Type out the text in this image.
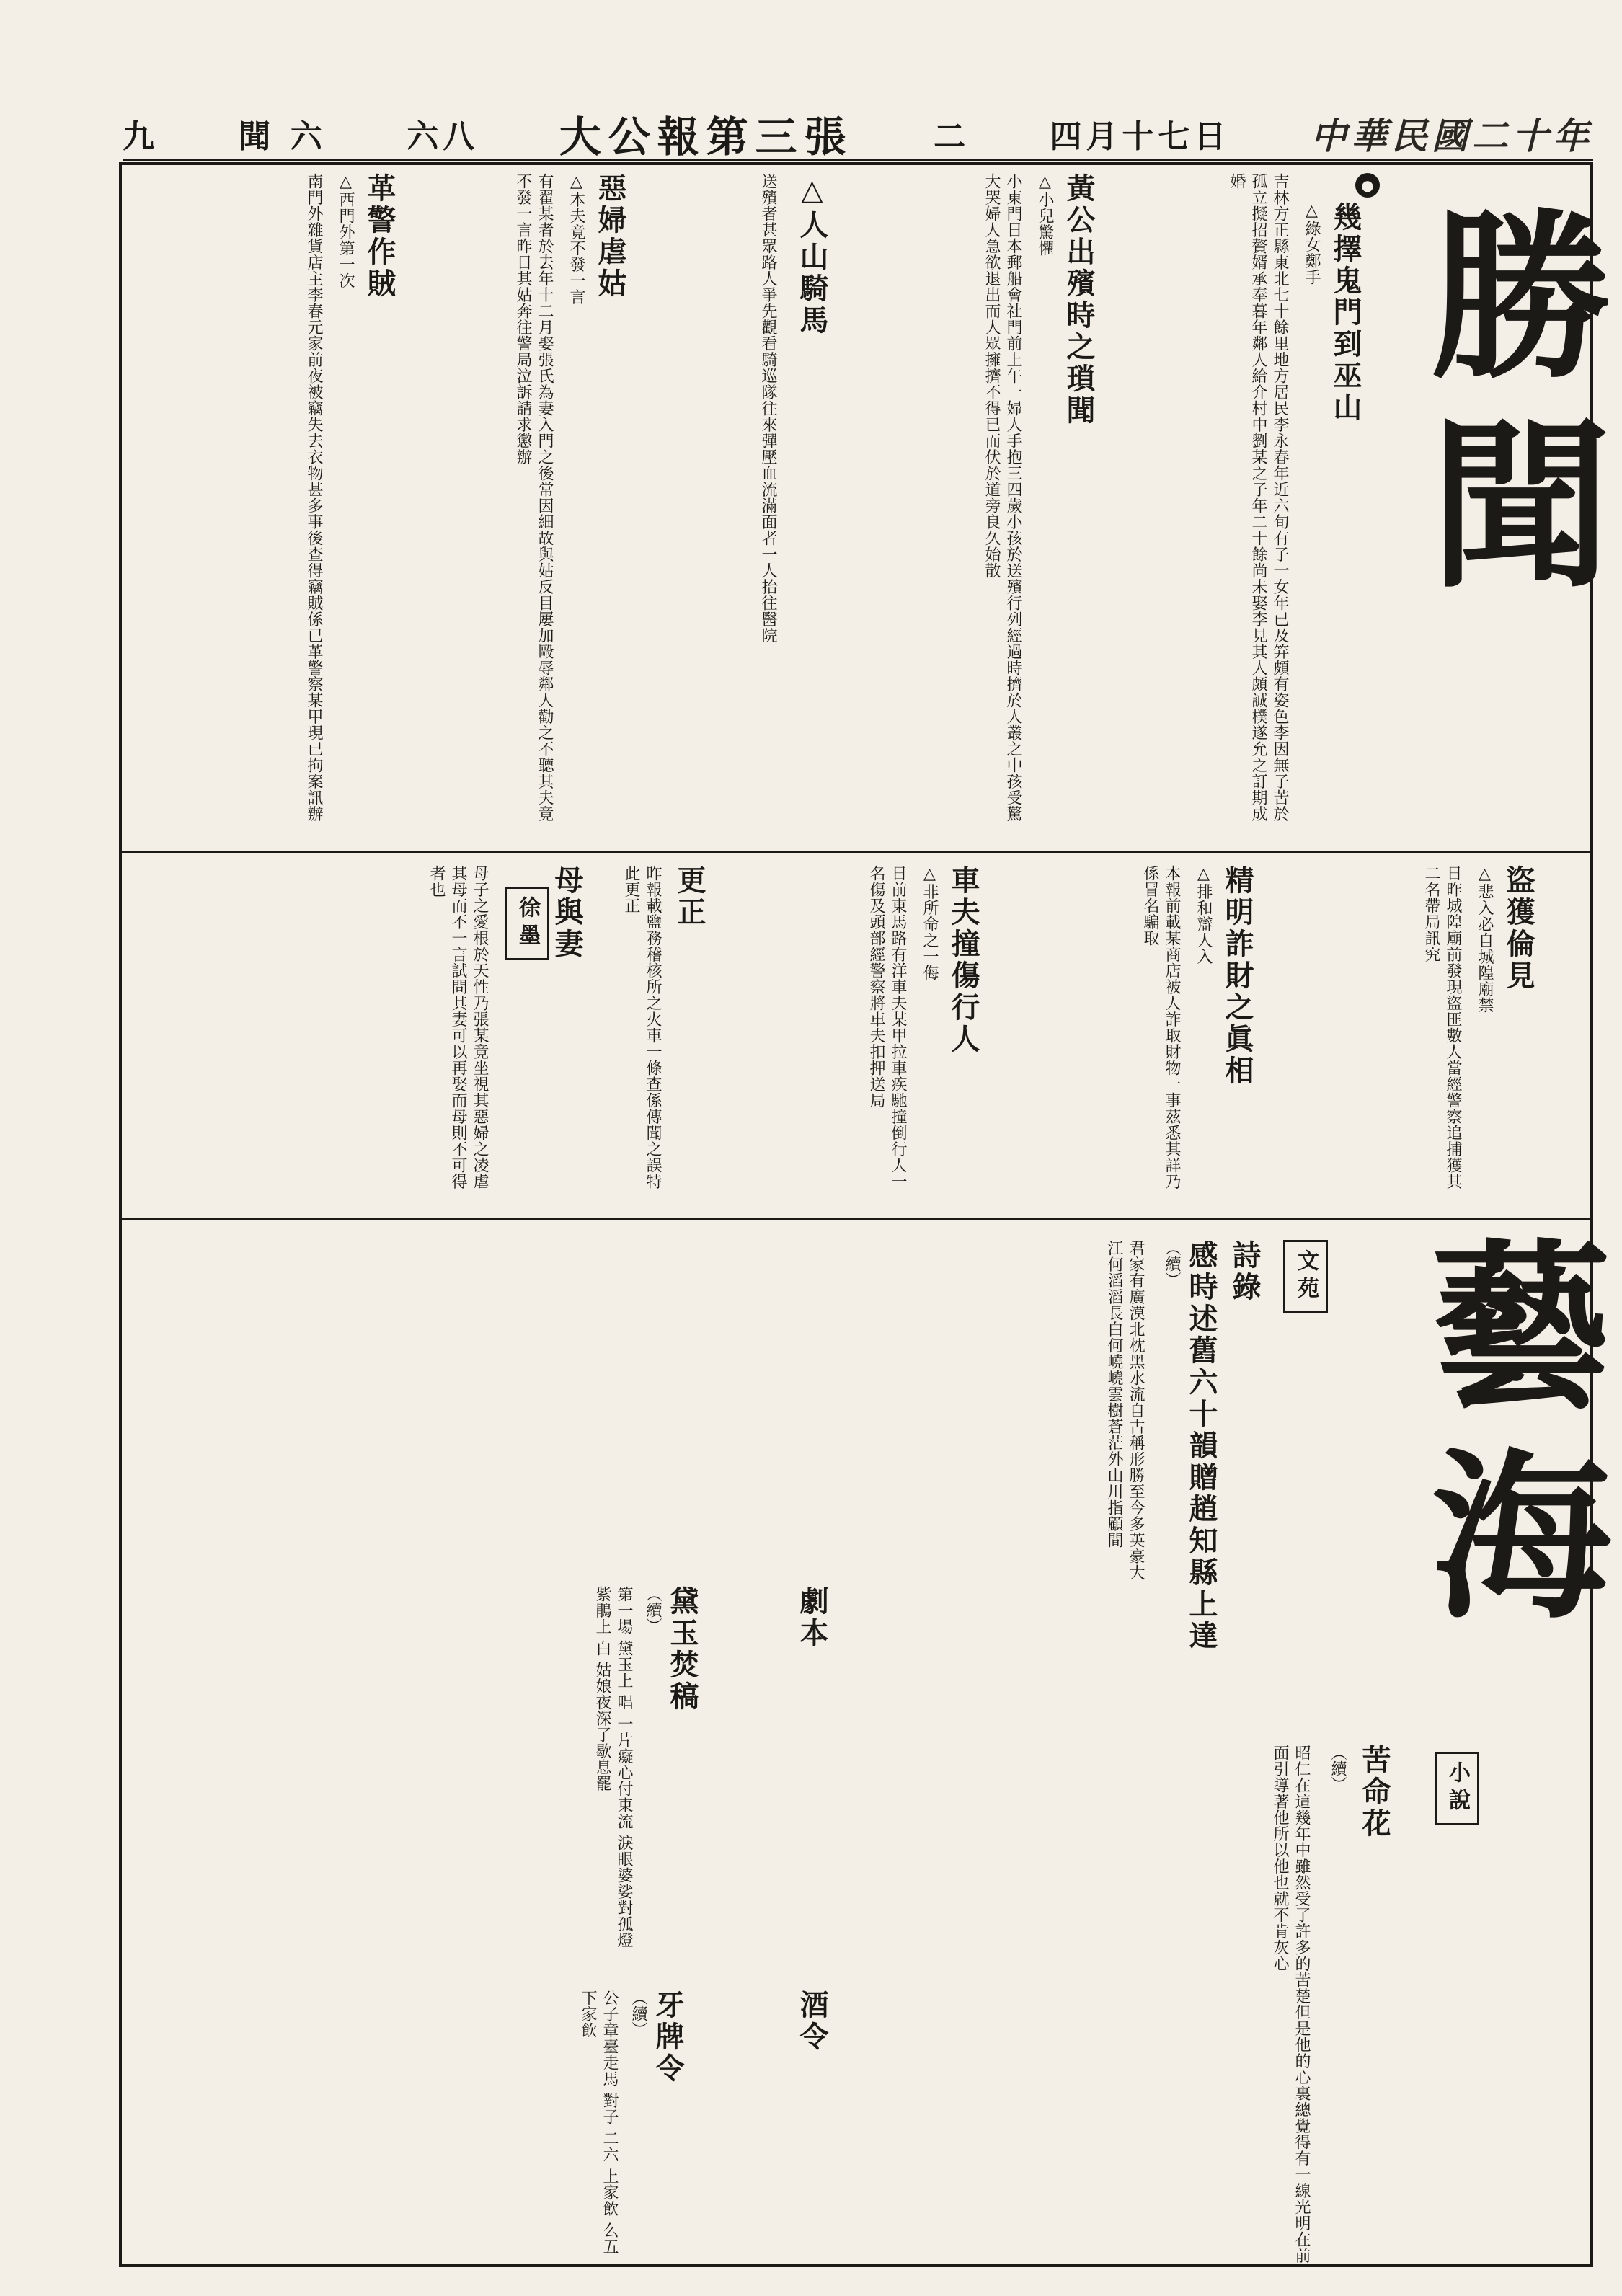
九	聞 六	六八 大公報第三張	二	四月十七日 中華民國二十年
勝聞
●
幾擇鬼門到巫山
△綠女鄭手
吉林方正縣東北七十餘里地方居民李永春年近六旬有子一女年已及笄頗有姿色李因無子苦於孤立擬招贅婿承奉暮年鄰人給介村中劉某之子年二十餘尚未娶李見其人頗誠樸遂允之訂期成婚
黃公出殯時之瑣聞
△小兒驚懼
小東門日本郵船會社門前上午一婦人手抱三四歲小孩於送殯行列經過時擠於人叢之中孩受驚大哭婦人急欲退出而人眾擁擠不得已而伏於道旁良久始散
△人山騎馬
送殯者甚眾路人爭先觀看騎巡隊往來彈壓血流滿面者一人抬往醫院
惡婦虐姑
△本夫竟不發一言
有翟某者於去年十二月娶張氏為妻入門之後常因細故與姑反目屢加毆辱鄰人勸之不聽其夫竟不發一言昨日其姑奔往警局泣訴請求懲辦
革警作賊
△西門外第一次
南門外雜貨店主李春元家前夜被竊失去衣物甚多事後查得竊賊係已革警察某甲現已拘案訊辦
盜獲倫見
△悲入必自城隍廟禁
日昨城隍廟前發現盜匪數人當經警察追捕獲其二名帶局訊究
精明詐財之眞相
△排和辯人入
本報前載某商店被人詐取財物一事茲悉其詳乃係冒名騙取
車夫撞傷行人
△非所命之一侮
日前東馬路有洋車夫某甲拉車疾馳撞倒行人一名傷及頭部經警察將車夫扣押送局
更正
昨報載鹽務稽核所之火車一條查係傳聞之誤特此更正
母與妻
徐墨
母子之愛根於天性乃張某竟坐視其惡婦之凌虐其母而不一言試問其妻可以再娶而母則不可得者也
藝海
文苑
詩錄
感時述舊六十韻贈趙知縣上達
（續）
君家有廣漠北枕黑水流自古稱形勝至今多英豪大江何滔滔長白何嶢嶢雲樹蒼茫外山川指顧間
苦命花
（續）	小說
昭仁在這幾年中雖然受了許多的苦楚但是他的心裏總覺得有一線光明在前面引導著他所以他也就不肯灰心
劇本
黛玉焚稿
（續）
第一場 黛玉上 唱 一片癡心付東流 淚眼婆娑對孤燈 紫鵑上 白 姑娘夜深了歇息罷
酒令
牙牌令
（續）
公子章臺走馬 對子 二六 上家飲 么五 下家飲
